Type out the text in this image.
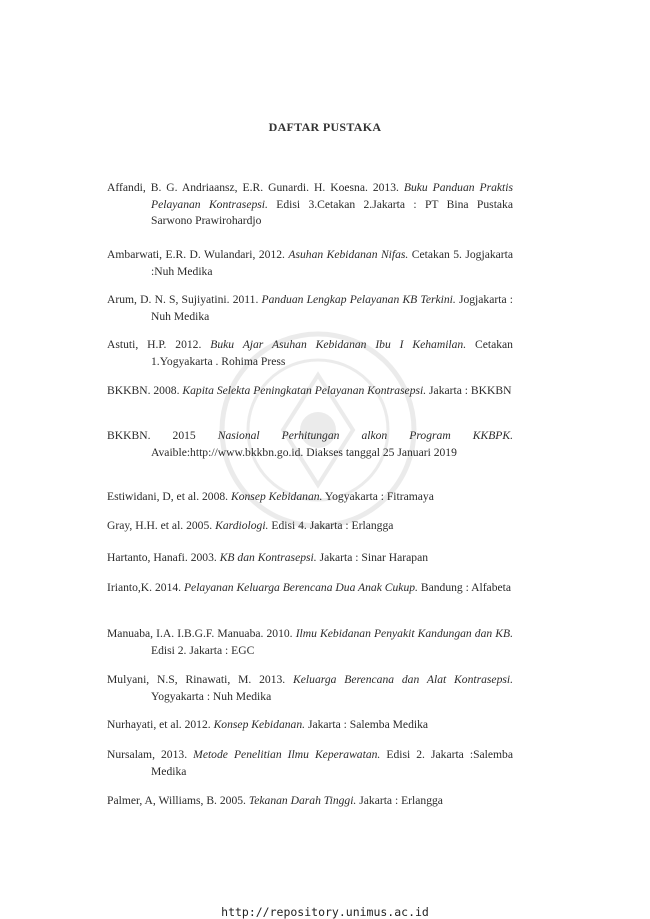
DAFTAR PUSTAKA
Affandi, B. G. Andriaansz, E.R. Gunardi. H. Koesna. 2013. Buku Panduan Praktis Pelayanan Kontrasepsi. Edisi 3.Cetakan 2.Jakarta : PT Bina Pustaka Sarwono Prawirohardjo
Ambarwati, E.R. D. Wulandari, 2012. Asuhan Kebidanan Nifas. Cetakan 5. Jogjakarta :Nuh Medika
Arum, D. N. S, Sujiyatini. 2011. Panduan Lengkap Pelayanan KB Terkini. Jogjakarta : Nuh Medika
Astuti, H.P. 2012. Buku Ajar Asuhan Kebidanan Ibu I Kehamilan. Cetakan 1.Yogyakarta . Rohima Press
BKKBN. 2008. Kapita Selekta Peningkatan Pelayanan Kontrasepsi. Jakarta : BKKBN
BKKBN. 2015 Nasional Perhitungan alkon Program KKBPK. Avaible:http://www.bkkbn.go.id. Diakses tanggal 25 Januari 2019
Estiwidani, D, et al. 2008. Konsep Kebidanan. Yogyakarta : Fitramaya
Gray, H.H. et al. 2005. Kardiologi. Edisi 4. Jakarta : Erlangga
Hartanto, Hanafi. 2003. KB dan Kontrasepsi. Jakarta : Sinar Harapan
Irianto,K. 2014. Pelayanan Keluarga Berencana Dua Anak Cukup. Bandung : Alfabeta
Manuaba, I.A. I.B.G.F. Manuaba. 2010. Ilmu Kebidanan Penyakit Kandungan dan KB. Edisi 2. Jakarta : EGC
Mulyani, N.S, Rinawati, M. 2013. Keluarga Berencana dan Alat Kontrasepsi. Yogyakarta : Nuh Medika
Nurhayati, et al. 2012. Konsep Kebidanan. Jakarta : Salemba Medika
Nursalam, 2013. Metode Penelitian Ilmu Keperawatan. Edisi 2. Jakarta :Salemba Medika
Palmer, A, Williams, B. 2005. Tekanan Darah Tinggi. Jakarta : Erlangga
http://repository.unimus.ac.id
